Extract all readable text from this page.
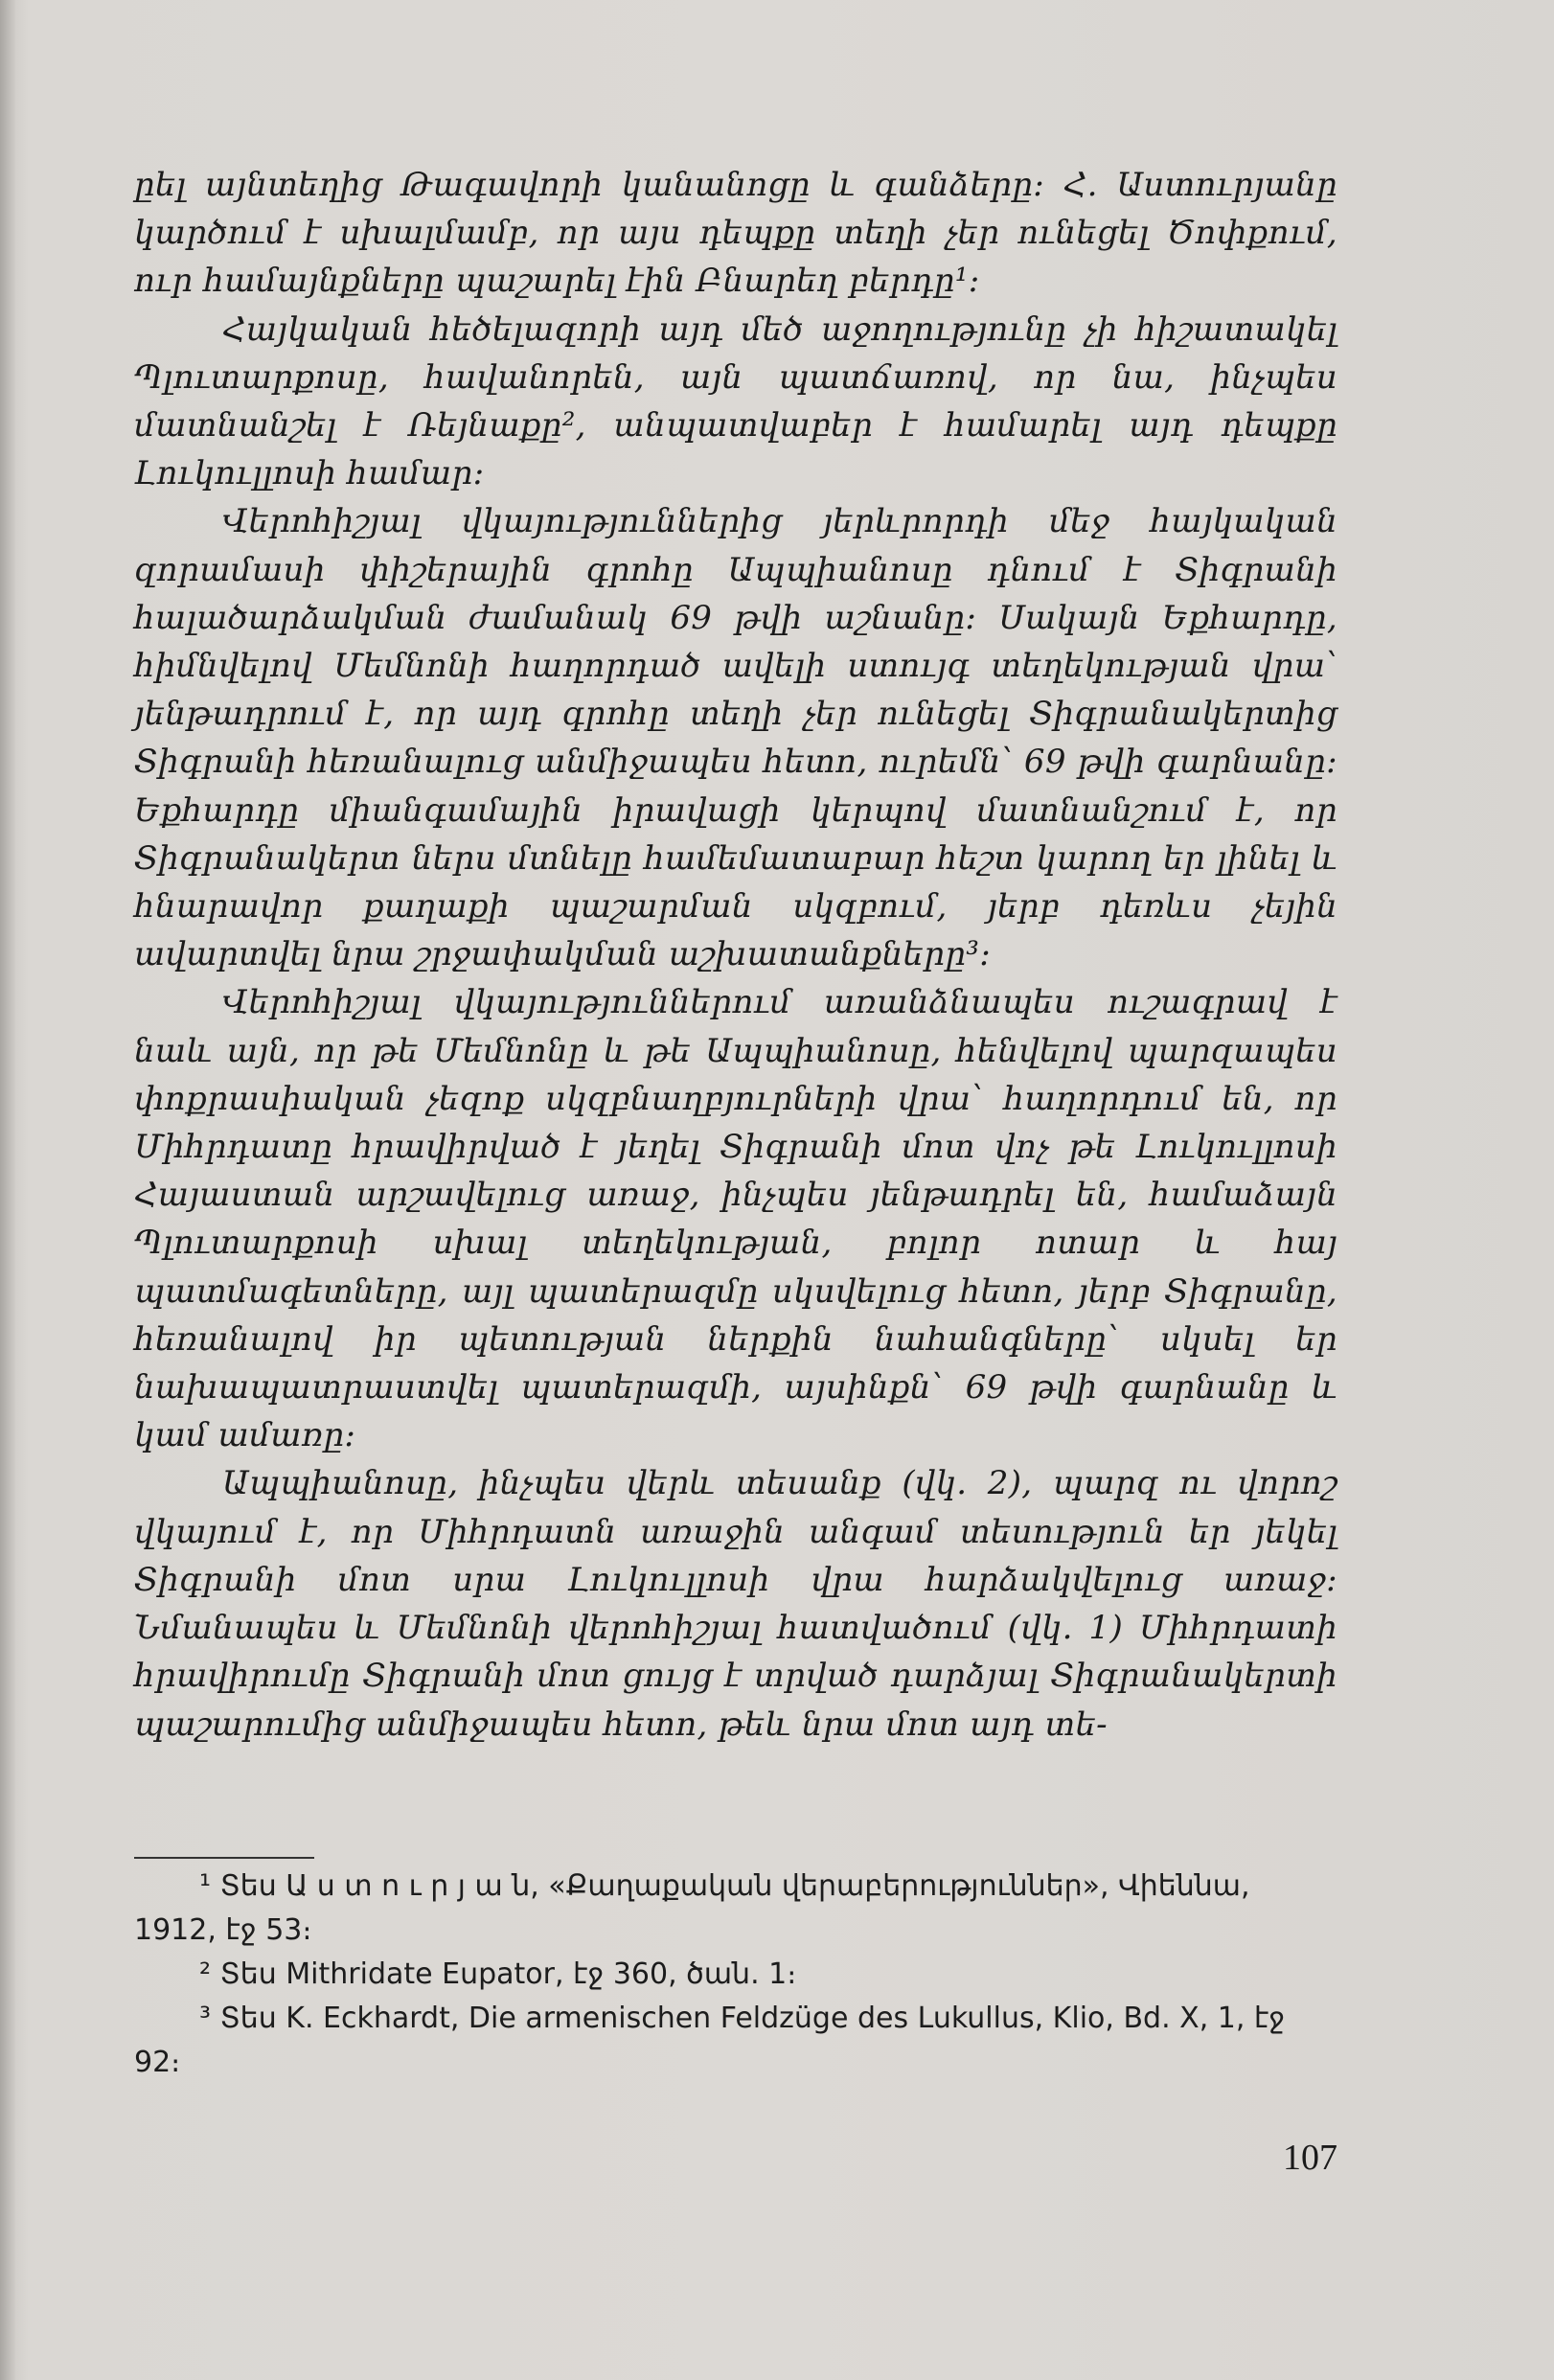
ըել այնտեղից Թագավորի կանանոցը և գանձերը։ Հ. Աստուրյանը կարծում է սխալմամբ, որ այս դեպքը տեղի չեր ունեցել Ծոփքում, ուր համայնքները պաշարել էին Բնարեղ բերդը¹։

Հայկական հեծելազորի այդ մեծ աջողությունը չի հիշատակել Պլուտարքոսը, հավանորեն, այն պատճառով, որ նա, ինչպես մատնանշել է Ռեյնաքը², անպատվաբեր է համարել այդ դեպքը Լուկուլլոսի համար։

Վերոհիշյալ վկայություններից յերևրորդի մեջ հայկական զորամասի փիշերային գրոհը Ապպիանոսը դնում է Տիգրանի հալածարձակման ժամանակ 69 թվի աշնանը։ Սակայն Եքհարդը, հիմնվելով Մեմնոնի հաղորդած ավելի ստույգ տեղեկության վրա՝ յենթադրում է, որ այդ գրոհը տեղի չեր ունեցել Տիգրանակերտից Տիգրանի հեռանալուց անմիջապես հետո, ուրեմն՝ 69 թվի գարնանը։ Եքհարդը միանգամային իրավացի կերպով մատնանշում է, որ Տիգրանակերտ ներս մտնելը համեմատաբար հեշտ կարող եր լինել և հնարավոր քաղաքի պաշարման սկզբում, յերբ դեռևս չեյին ավարտվել նրա շրջափակման աշխատանքները³։

Վերոհիշյալ վկայություններում առանձնապես ուշագրավ է նաև այն, որ թե Մեմնոնը և թե Ապպիանոսը, հենվելով պարզապես փոքրասիական չեզոք սկզբնաղբյուրների վրա՝ հաղորդում են, որ Միհրդատը հրավիրված է յեղել Տիգրանի մոտ վոչ թե Լուկուլլոսի Հայաստան արշավելուց առաջ, ինչպես յենթադրել են, համաձայն Պլուտարքոսի սխալ տեղեկության, բոլոր ոտար և հայ պատմագետները, այլ պատերազմը սկսվելուց հետո, յերբ Տիգրանը, հեռանալով իր պետության ներքին նահանգները՝ սկսել եր նախապատրաստվել պատերազմի, այսինքն՝ 69 թվի գարնանը և կամ ամառը։

Ապպիանոսը, ինչպես վերև տեսանք (վկ. 2), պարզ ու վորոշ վկայում է, որ Միհրդատն առաջին անգամ տեսություն եր յեկել Տիգրանի մոտ սրա Լուկուլլոսի վրա հարձակվելուց առաջ։ Նմանապես և Մեմնոնի վերոհիշյալ հատվածում (վկ. 1) Միհրդատի հրավիրումը Տիգրանի մոտ ցույց է տրված դարձյալ Տիգրանակերտի պաշարումից անմիջապես հետո, թեև նրա մոտ այդ տե-

¹ Տես Ա ս տ ո ւ ր յ ա ն, «Քաղաքական վերաբերություններ», Վիեննա, 1912, էջ 53։

² Տես Mithridate Eupator, էջ 360, ծան. 1։

³ Տես K. Eckhardt, Die armenischen Feldzüge des Lukullus, Klio, Bd. X, 1, էջ 92։

107
